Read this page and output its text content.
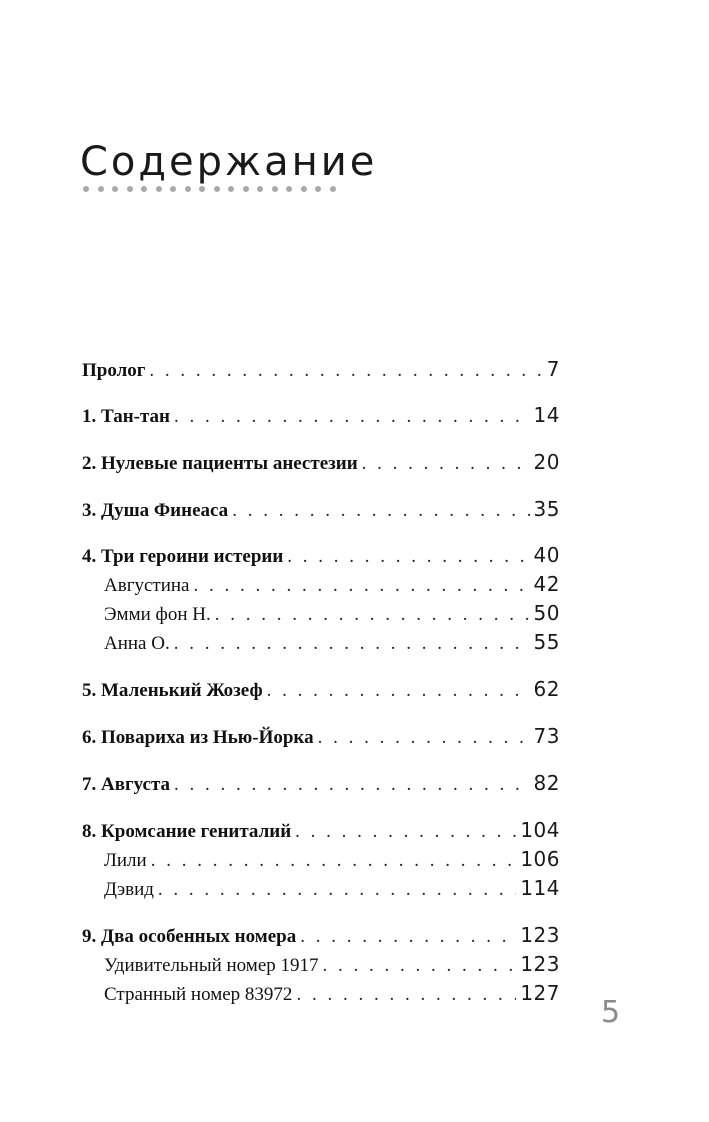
Содержание
Пролог . . .	7
1. Тан-тан . . .	14
2. Нулевые пациенты анестезии . . .	20
3. Душа Финеаса . . .	35
4. Три героини истерии . . .	40
Августина . . .	42
Эмми фон Н. . . .	50
Анна О. . . .	55
5. Маленький Жозеф . . .	62
6. Повариха из Нью-Йорка . . .	73
7. Августа . . .	82
8. Кромсание гениталий . . .	104
Лили . . .	106
Дэвид . . .	114
9. Два особенных номера . . .	123
Удивительный номер 1917 . . .	123
Странный номер 83972 . . .	127
5
